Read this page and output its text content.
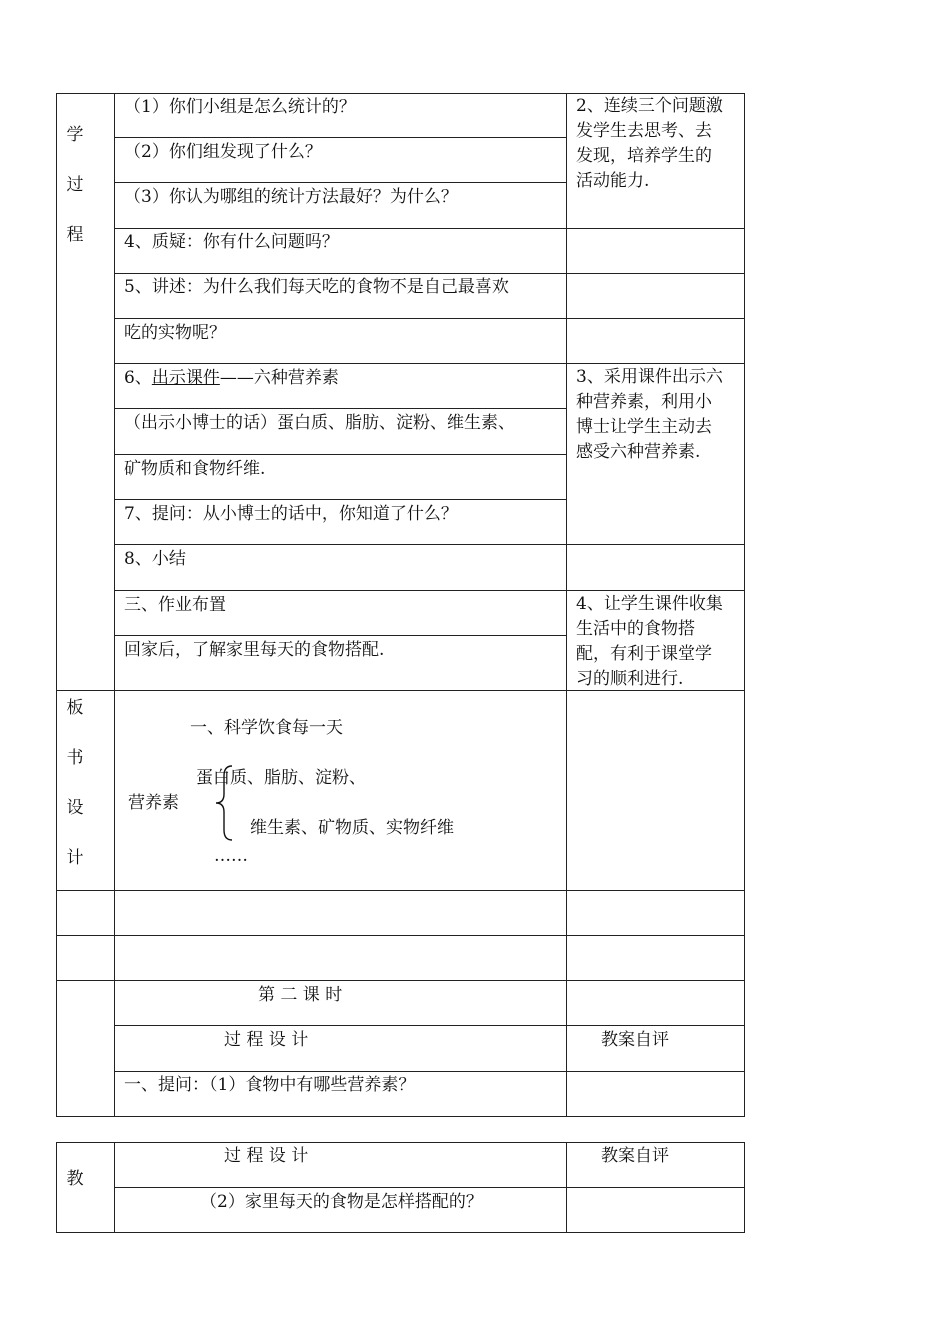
学
过
程
（1）你们小组是怎么统计的？
（2）你们组发现了什么？
（3）你认为哪组的统计方法最好？为什么？
4、质疑：你有什么问题吗？
5、讲述：为什么我们每天吃的食物不是自己最喜欢
吃的实物呢？
6、出示课件——六种营养素
（出示小博士的话）蛋白质、脂肪、淀粉、维生素、
矿物质和食物纤维.
7、提问：从小博士的话中，你知道了什么？
8、小结
三、作业布置
回家后，了解家里每天的食物搭配.
2、连续三个问题激
发学生去思考、去
发现，培养学生的
活动能力.
3、采用课件出示六
种营养素，利用小
博士让学生主动去
感受六种营养素.
4、让学生课件收集
生活中的食物搭
配，有利于课堂学
习的顺利进行.
板
书
设
计
一、科学饮食每一天
蛋白质、脂肪、淀粉、
营养素
维生素、矿物质、实物纤维
……
第 二 课 时
过 程 设 计	教案自评
一、提问：（1）食物中有哪些营养素？
教
过 程 设 计	教案自评
（2）家里每天的食物是怎样搭配的？
